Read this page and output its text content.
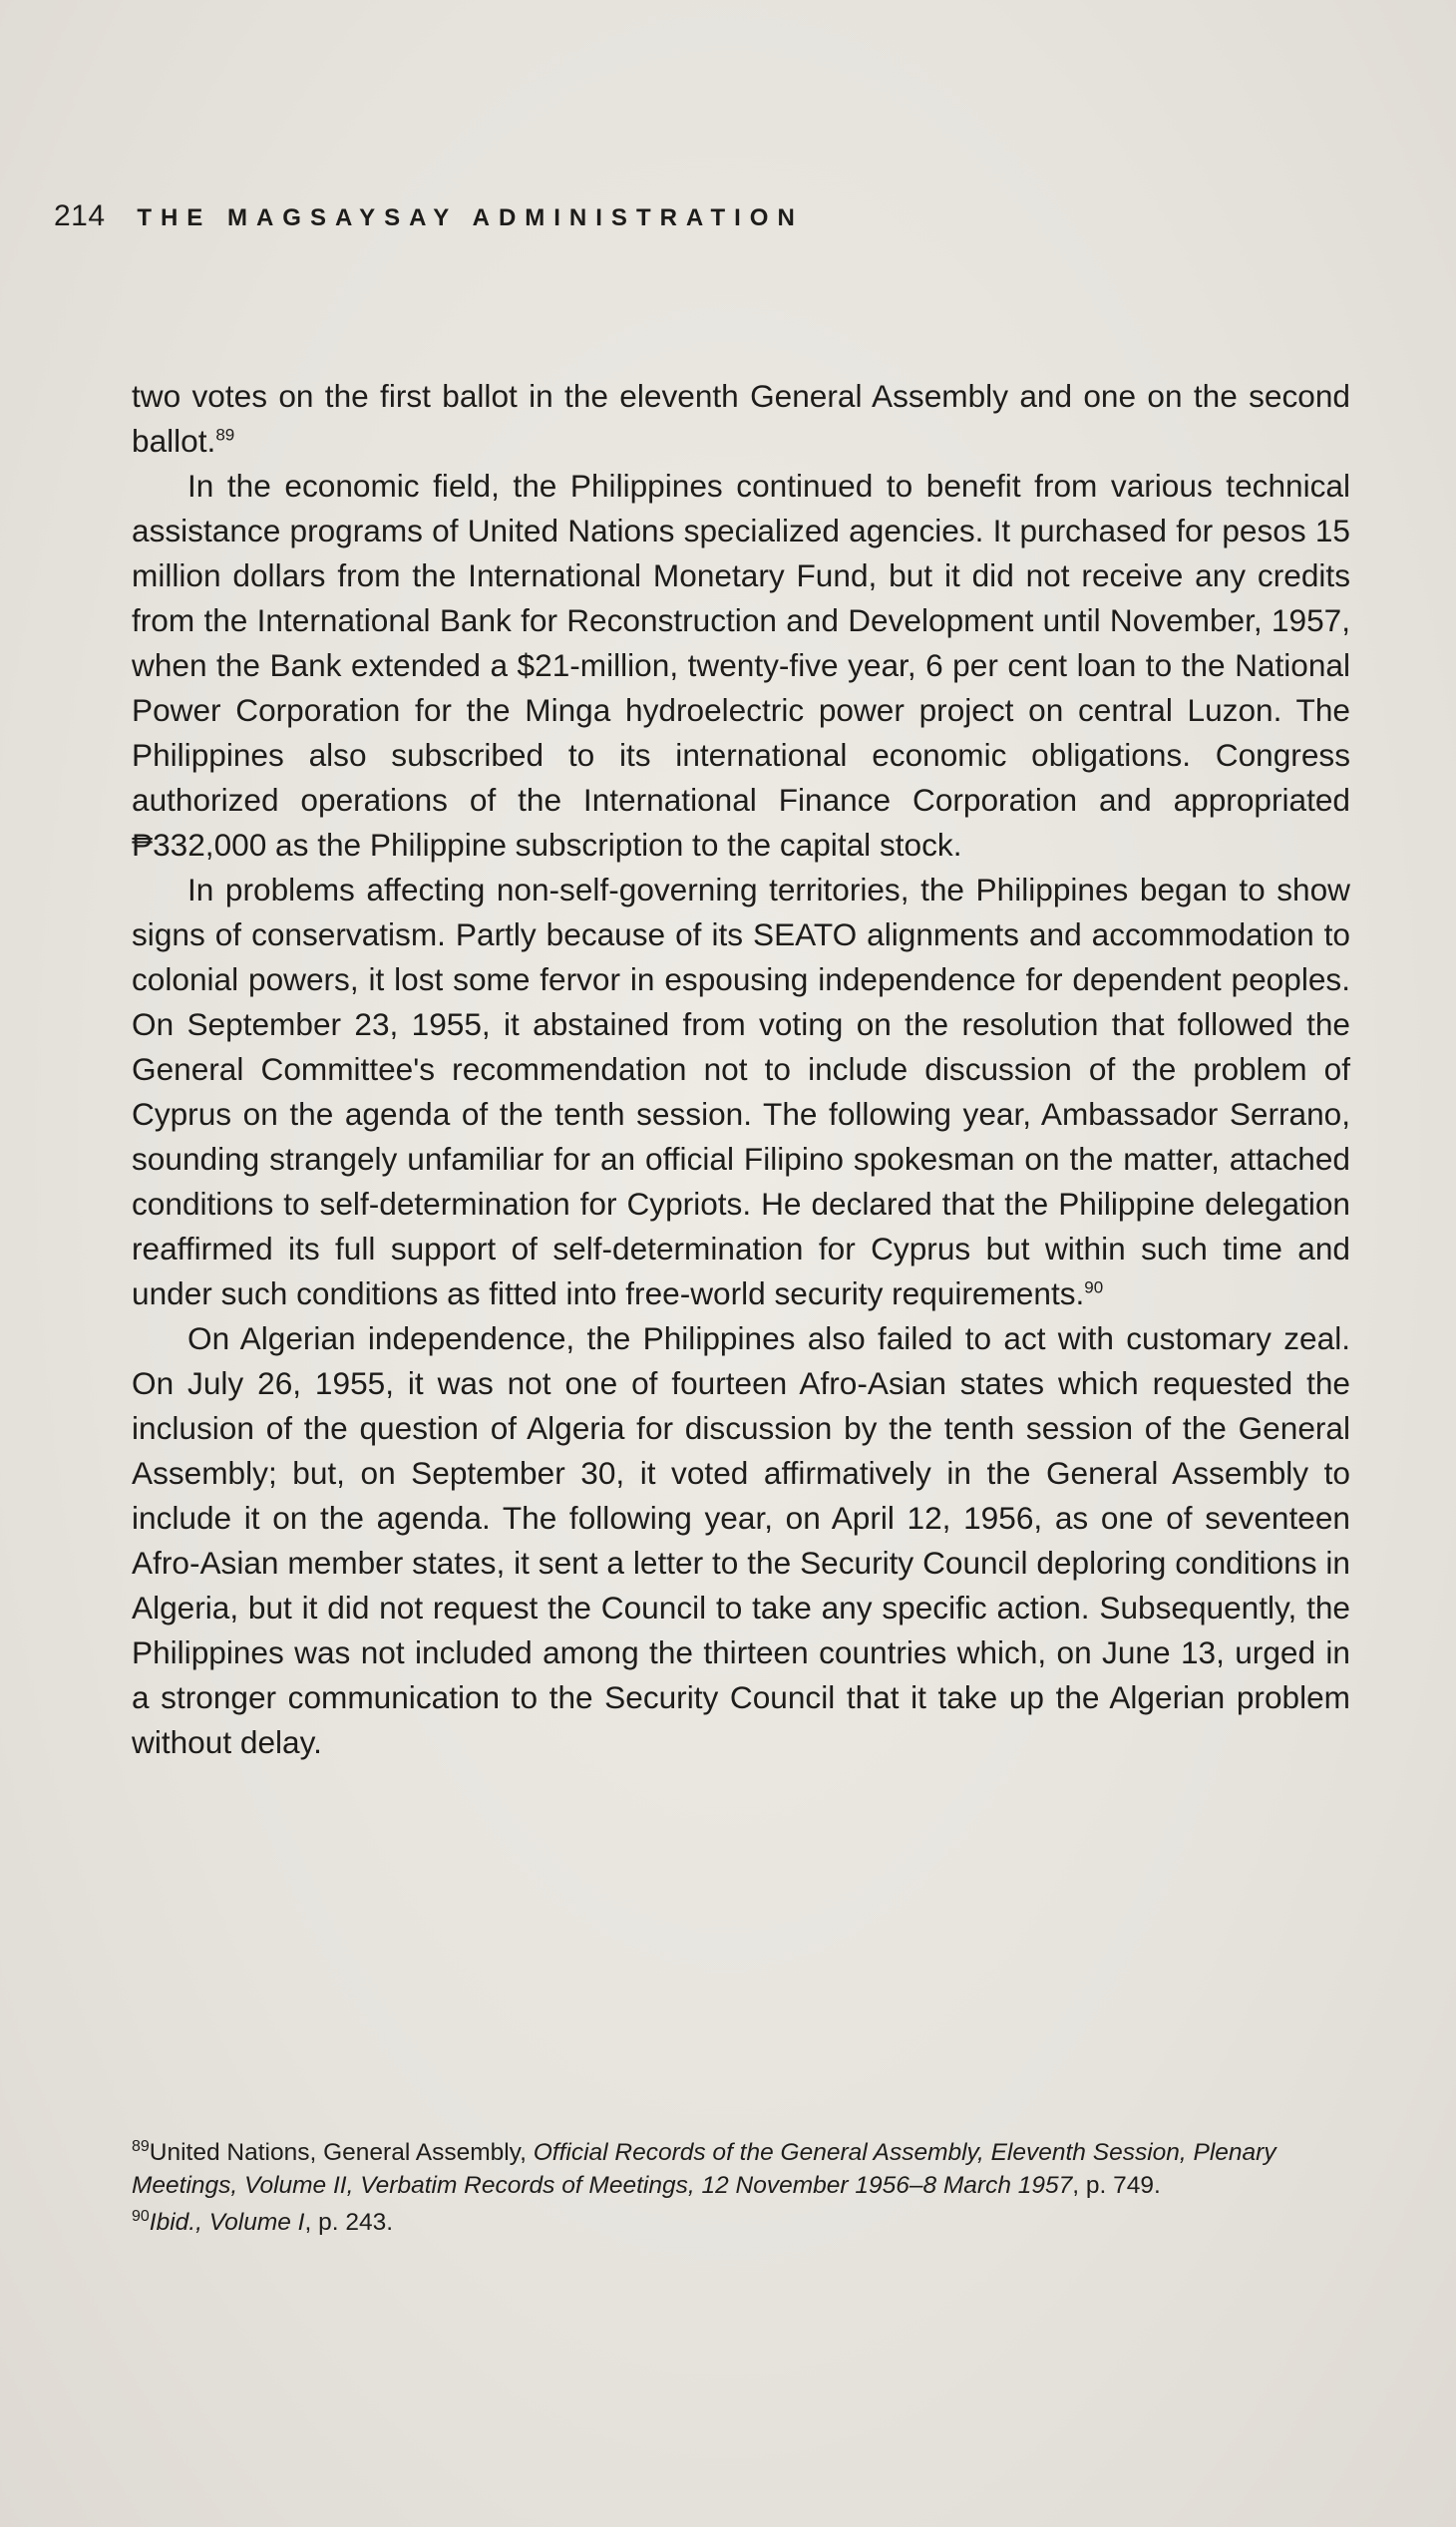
214 THE MAGSAYSAY ADMINISTRATION

two votes on the first ballot in the eleventh General Assembly and one on the second ballot.$^{89}$

In the economic field, the Philippines continued to benefit from various technical assistance programs of United Nations specialized agencies. It purchased for pesos 15 million dollars from the International Monetary Fund, but it did not receive any credits from the International Bank for Reconstruction and Development until November, 1957, when the Bank extended a $21-million, twenty-five year, 6 per cent loan to the National Power Corporation for the Minga hydroelectric power project on central Luzon. The Philippines also subscribed to its international economic obligations. Congress authorized operations of the International Finance Corporation and appropriated ₱332,000 as the Philippine subscription to the capital stock.

In problems affecting non-self-governing territories, the Philippines began to show signs of conservatism. Partly because of its SEATO alignments and accommodation to colonial powers, it lost some fervor in espousing independence for dependent peoples. On September 23, 1955, it abstained from voting on the resolution that followed the General Committee's recommendation not to include discussion of the problem of Cyprus on the agenda of the tenth session. The following year, Ambassador Serrano, sounding strangely unfamiliar for an official Filipino spokesman on the matter, attached conditions to self-determination for Cypriots. He declared that the Philippine delegation reaffirmed its full support of self-determination for Cyprus but within such time and under such conditions as fitted into free-world security requirements.$^{90}$

On Algerian independence, the Philippines also failed to act with customary zeal. On July 26, 1955, it was not one of fourteen Afro-Asian states which requested the inclusion of the question of Algeria for discussion by the tenth session of the General Assembly; but, on September 30, it voted affirmatively in the General Assembly to include it on the agenda. The following year, on April 12, 1956, as one of seventeen Afro-Asian member states, it sent a letter to the Security Council deploring conditions in Algeria, but it did not request the Council to take any specific action. Subsequently, the Philippines was not included among the thirteen countries which, on June 13, urged in a stronger communication to the Security Council that it take up the Algerian problem without delay.

$^{89}$United Nations, General Assembly, Official Records of the General Assembly, Eleventh Session, Plenary Meetings, Volume II, Verbatim Records of Meetings, 12 November 1956–8 March 1957, p. 749.

$^{90}$Ibid., Volume I, p. 243.
